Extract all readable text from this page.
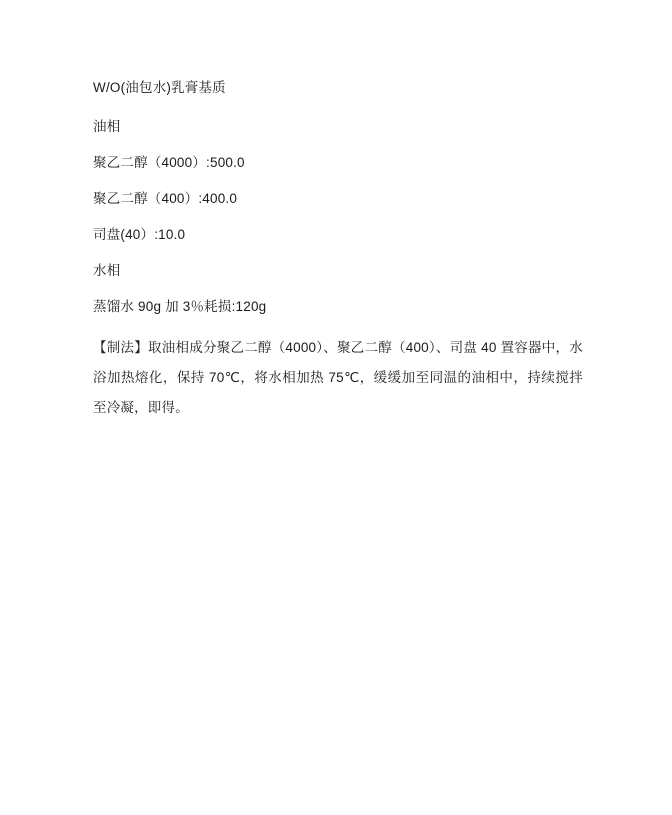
W/O(油包水)乳膏基质

油相

聚乙二醇（4000）:500.0

聚乙二醇（400）:400.0

司盘(40）:10.0

水相

蒸馏水 90g 加 3％耗损:120g

【制法】取油相成分聚乙二醇（4000）、聚乙二醇（400）、司盘 40 置容器中，水浴加热熔化，保持 70℃，将水相加热 75℃，缓缓加至同温的油相中，持续搅拌至冷凝，即得。
